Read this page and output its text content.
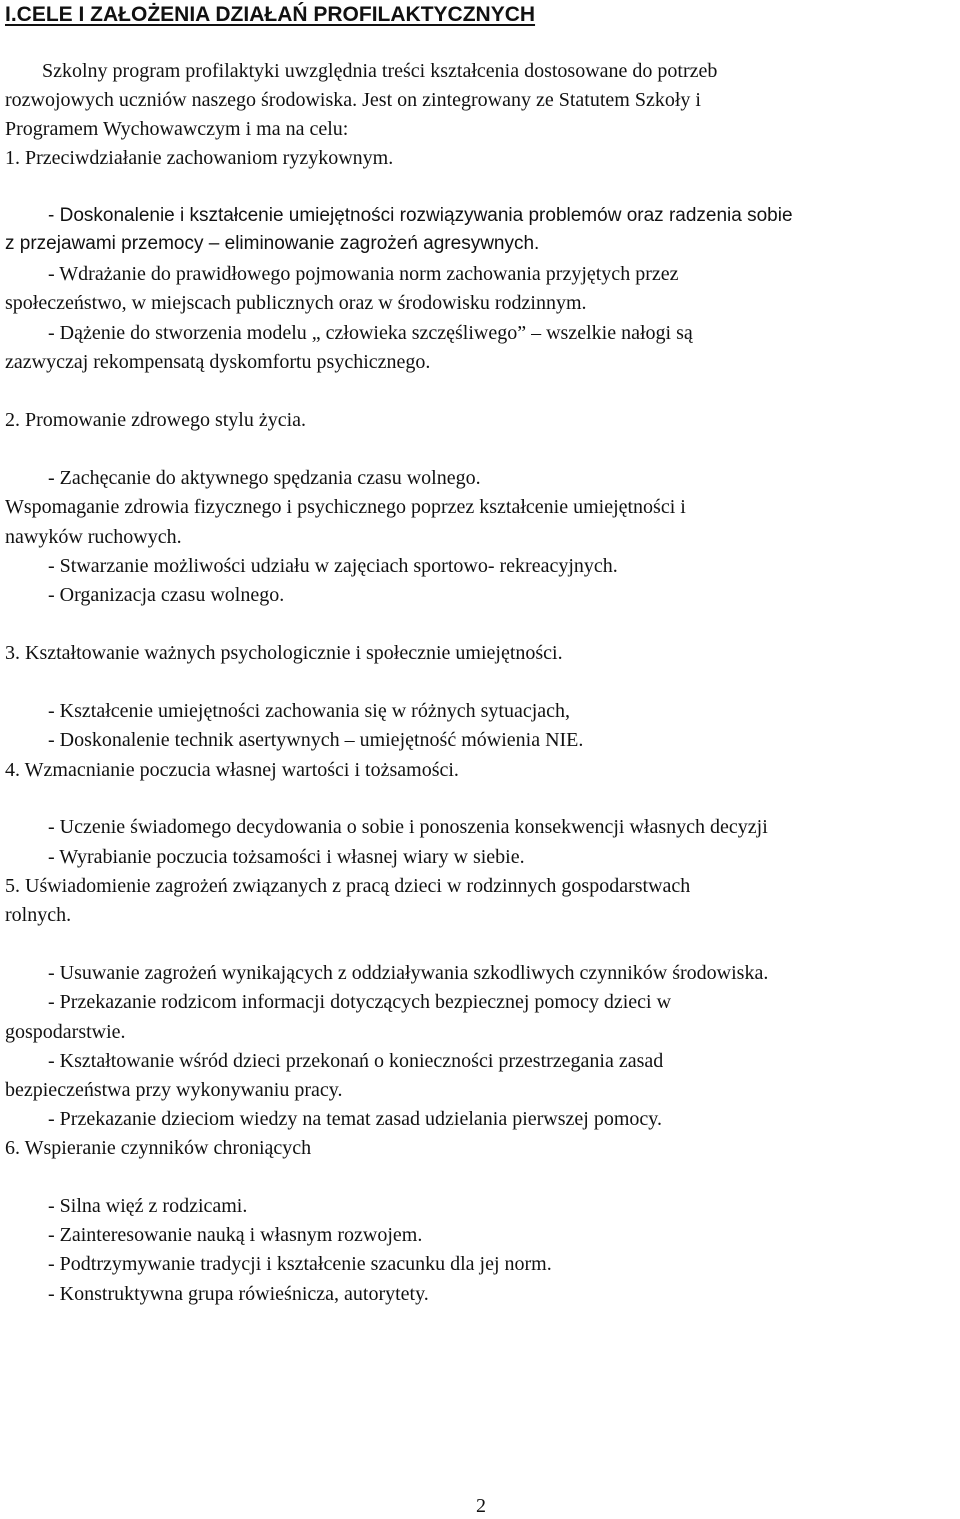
I.CELE I ZAŁOŻENIA DZIAŁAŃ PROFILAKTYCZNYCH
Szkolny program profilaktyki uwzględnia treści kształcenia dostosowane do potrzeb
rozwojowych uczniów naszego środowiska. Jest on zintegrowany ze Statutem Szkoły i
Programem Wychowawczym i ma na celu:
1. Przeciwdziałanie zachowaniom ryzykownym.
- Doskonalenie i kształcenie umiejętności rozwiązywania problemów oraz radzenia sobie
z przejawami przemocy – eliminowanie zagrożeń agresywnych.
- Wdrażanie do prawidłowego pojmowania norm zachowania przyjętych przez
społeczeństwo, w miejscach publicznych oraz w środowisku rodzinnym.
- Dążenie do stworzenia modelu „ człowieka szczęśliwego” – wszelkie nałogi są
zazwyczaj rekompensatą dyskomfortu psychicznego.
2. Promowanie zdrowego stylu życia.
- Zachęcanie do aktywnego spędzania czasu wolnego.
Wspomaganie zdrowia fizycznego i psychicznego poprzez kształcenie umiejętności i
nawyków ruchowych.
- Stwarzanie możliwości udziału w zajęciach sportowo- rekreacyjnych.
- Organizacja czasu wolnego.
3. Kształtowanie ważnych psychologicznie i społecznie umiejętności.
- Kształcenie umiejętności zachowania się w różnych sytuacjach,
- Doskonalenie technik asertywnych – umiejętność mówienia NIE.
4. Wzmacnianie poczucia własnej wartości i tożsamości.
- Uczenie świadomego decydowania o sobie i ponoszenia konsekwencji własnych decyzji
- Wyrabianie poczucia tożsamości i własnej wiary w siebie.
5. Uświadomienie zagrożeń związanych z pracą dzieci w rodzinnych gospodarstwach
rolnych.
- Usuwanie zagrożeń wynikających z oddziaływania szkodliwych czynników środowiska.
- Przekazanie rodzicom informacji dotyczących bezpiecznej pomocy dzieci w
gospodarstwie.
- Kształtowanie wśród dzieci przekonań o konieczności przestrzegania zasad
bezpieczeństwa przy wykonywaniu pracy.
- Przekazanie dzieciom wiedzy na temat zasad udzielania pierwszej pomocy.
6. Wspieranie czynników chroniących
- Silna więź z rodzicami.
- Zainteresowanie nauką i własnym rozwojem.
- Podtrzymywanie tradycji i kształcenie szacunku dla jej norm.
- Konstruktywna grupa rówieśnicza, autorytety.
2
